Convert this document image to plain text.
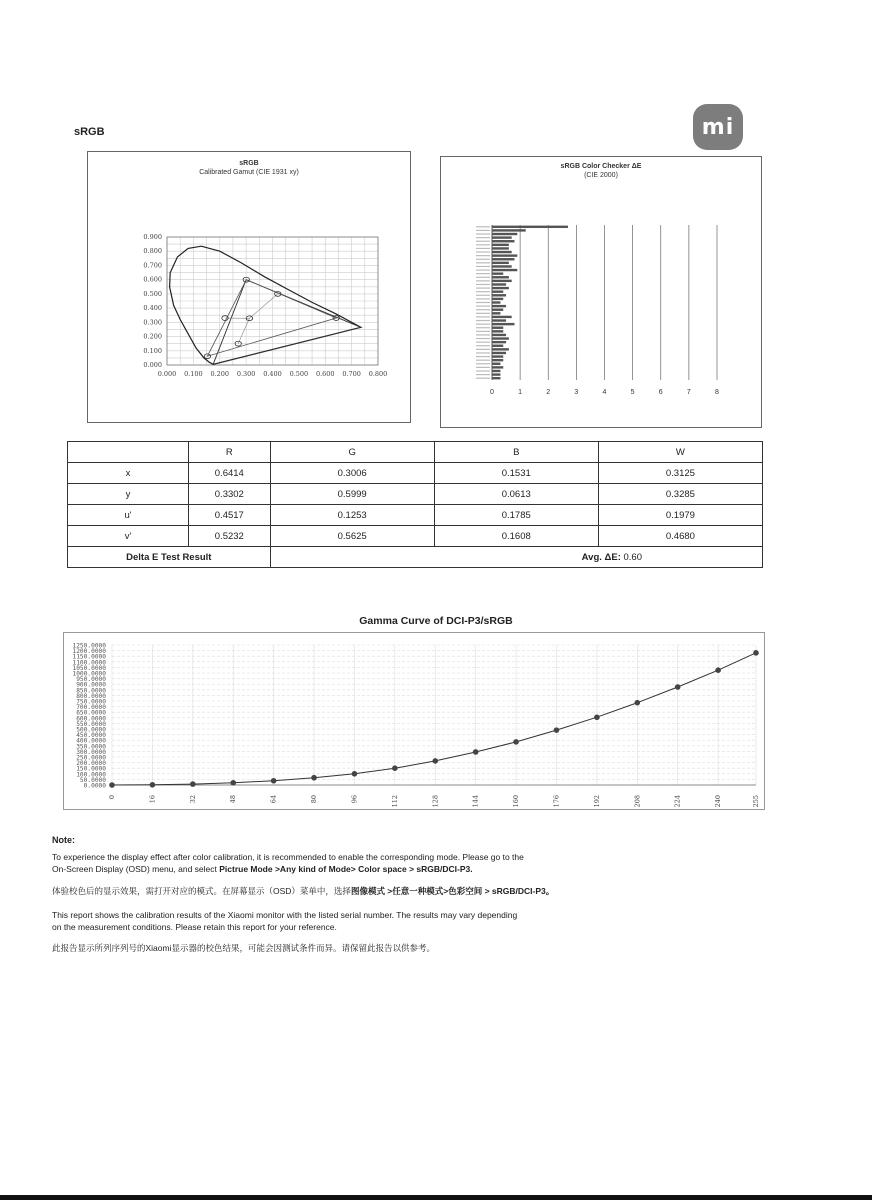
sRGB	mi
sRGB
Calibrated Gamut (CIE 1931 xy)
0.900
0.800
0.700
0.600
0.500
0.400
0.300
0.200
0.100
0.000
0.000 0.100 0.200 0.300 0.400 0.500 0.600 0.700 0.800
sRGB Color Checker ΔE
(CIE 2000)
0	1	2	3	4	5	6	7	8
	R	G	B	W
x	0.6414	0.3006	0.1531	0.3125
y	0.3302	0.5999	0.0613	0.3285
u'	0.4517	0.1253	0.1785	0.1979
v'	0.5232	0.5625	0.1608	0.4680
Delta E Test Result		Avg. ΔE: 0.60		
Gamma Curve of DCI-P3/sRGB
1250.0000
1200.0000
1150.0000
1100.0000
1050.0000
1000.0000
950.0000
900.0000
850.0000
800.0000
750.0000
700.0000
650.0000
600.0000
550.0000
500.0000
450.0000
400.0000
350.0000
300.0000
250.0000
200.0000
150.0000
100.0000
50.0000
0.0000
0	16	32	48	64	80	96	112	128	144	160	176	192	208	224	240	255
Note:
To experience the display effect after color calibration, it is recommended to enable the corresponding mode. Please go to the
On-Screen Display (OSD) menu, and select Pictrue Mode >Any kind of Mode> Color space > sRGB/DCI-P3.
体验校色后的显示效果，需打开对应的模式。在屏幕显示（OSD）菜单中，选择图像模式 >任意一种模式>色彩空间 > sRGB/DCI-P3。
This report shows the calibration results of the Xiaomi monitor with the listed serial number. The results may vary depending
on the measurement conditions. Please retain this report for your reference.
此报告显示所列序列号的Xiaomi显示器的校色结果，可能会因测试条件而异。请保留此报告以供参考。
